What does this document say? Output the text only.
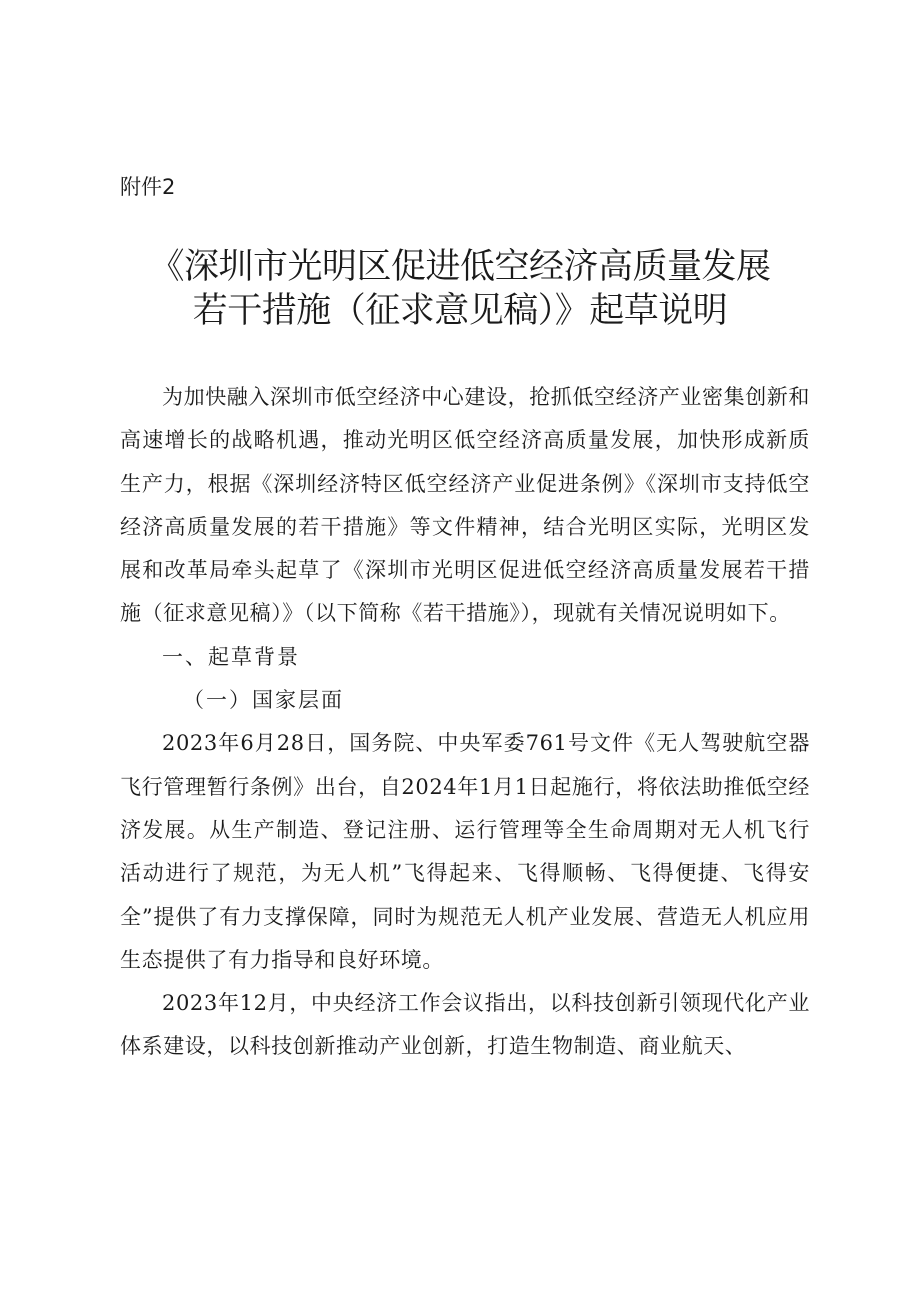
附件2
《深圳市光明区促进低空经济高质量发展
若干措施（征求意见稿）》起草说明

为加快融入深圳市低空经济中心建设，抢抓低空经济产业密集创新和高速增长的战略机遇，推动光明区低空经济高质量发展，加快形成新质生产力，根据《深圳经济特区低空经济产业促进条例》《深圳市支持低空经济高质量发展的若干措施》等文件精神，结合光明区实际，光明区发展和改革局牵头起草了《深圳市光明区促进低空经济高质量发展若干措施（征求意见稿）》（以下简称《若干措施》），现就有关情况说明如下。

一、起草背景

（一）国家层面

2023年6月28日，国务院、中央军委761号文件《无人驾驶航空器飞行管理暂行条例》出台，自2024年1月1日起施行，将依法助推低空经济发展。从生产制造、登记注册、运行管理等全生命周期对无人机飞行活动进行了规范，为无人机”飞得起来、飞得顺畅、飞得便捷、飞得安全”提供了有力支撑保障，同时为规范无人机产业发展、营造无人机应用生态提供了有力指导和良好环境。

2023年12月，中央经济工作会议指出，以科技创新引领现代化产业体系建设，以科技创新推动产业创新，打造生物制造、商业航天、
